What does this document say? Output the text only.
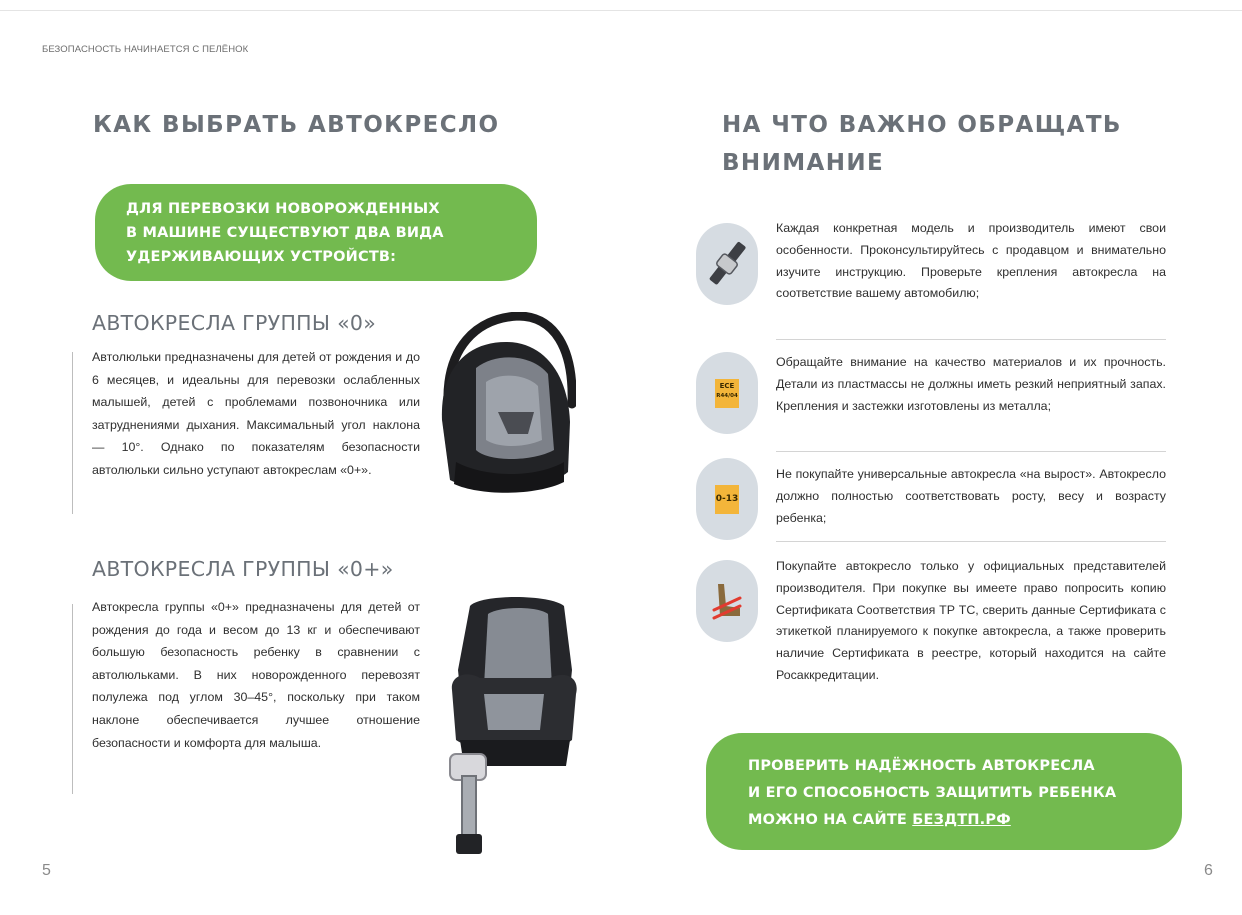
БЕЗОПАСНОСТЬ НАЧИНАЕТСЯ С ПЕЛЁНОК
КАК ВЫБРАТЬ АВТОКРЕСЛО
ДЛЯ ПЕРЕВОЗКИ НОВОРОЖДЕННЫХ
В МАШИНЕ СУЩЕСТВУЮТ ДВА ВИДА
УДЕРЖИВАЮЩИХ УСТРОЙСТВ:
АВТОКРЕСЛА ГРУППЫ «0»

Автолюльки предназначены для детей от рождения и до 6 месяцев, и идеальны для перевозки ослабленных малышей, детей с проблемами позвоночника или затруднениями дыхания. Максимальный угол наклона — 10°. Однако по показателям безопасности автолюльки сильно уступают автокреслам «0+».

АВТОКРЕСЛА ГРУППЫ «0+»

Автокресла группы «0+» предназначены для детей от рождения до года и весом до 13 кг и обеспечивают большую безопасность ребенку в сравнении с автолюльками. В них новорожденного перевозят полулежа под углом 30–45°, поскольку при таком наклоне обеспечивается лучшее отношение безопасности и комфорта для малыша.

5
НА ЧТО ВАЖНО ОБРАЩАТЬ ВНИМАНИЕ

Каждая конкретная модель и производитель имеют свои особенности. Проконсультируйтесь с продавцом и внимательно изучите инструкцию. Проверьте крепления автокресла на соответствие вашему автомобилю;

ECE
R44/04

Обращайте внимание на качество материалов и их прочность. Детали из пластмассы не должны иметь резкий неприятный запах. Крепления и застежки изготовлены из металла;

0-13

Не покупайте универсальные автокресла «на вырост». Автокресло должно полностью соответствовать росту, весу и возрасту ребенка;

Покупайте автокресло только у официальных представителей производителя. При покупке вы имеете право попросить копию Сертификата Соответствия ТР ТС, сверить данные Сертификата с этикеткой планируемого к покупке автокресла, а также проверить наличие Сертификата в реестре, который находится на сайте Росаккредитации.

ПРОВЕРИТЬ НАДЁЖНОСТЬ АВТОКРЕСЛА
И ЕГО СПОСОБНОСТЬ ЗАЩИТИТЬ РЕБЕНКА
МОЖНО НА САЙТЕ БЕЗДТП.РФ
6
